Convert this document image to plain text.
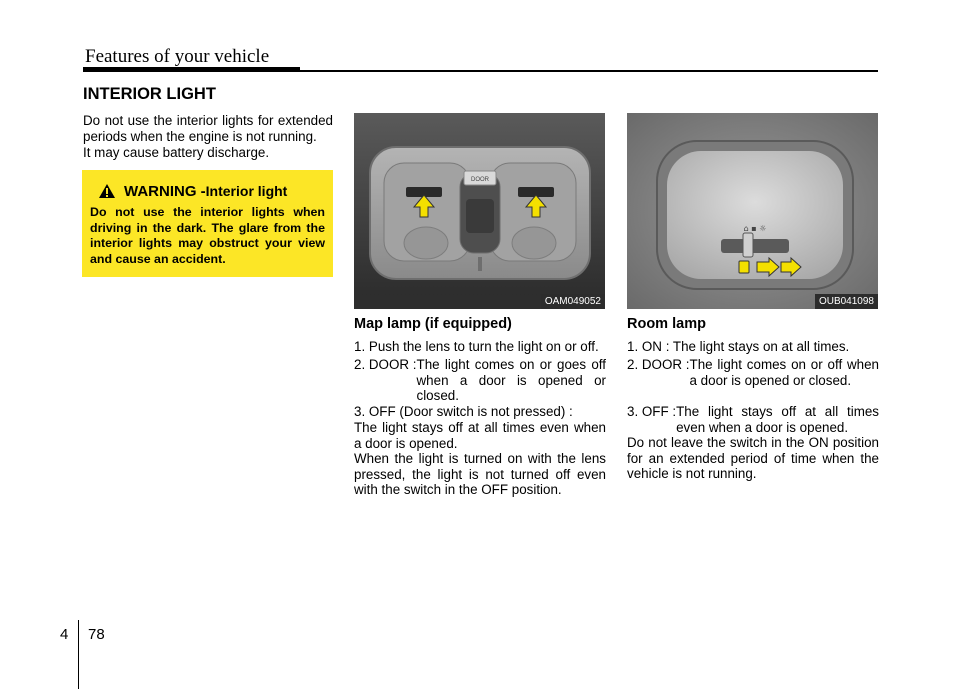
Features of your vehicle
INTERIOR LIGHT
Do not use the interior lights for extended periods when the engine is not running.
It may cause battery discharge.
WARNING - Interior light
Do not use the interior lights when driving in the dark. The glare from the interior lights may obstruct your view and cause an accident.
DOOR
OAM049052
⌂ ▪ ☼
OUB041098
Map lamp (if equipped)
1. Push the lens to turn the light on or off.
2. DOOR : The light comes on or goes off when a door is opened or closed.
3. OFF (Door switch is not pressed) :
The light stays off at all times even when a door is opened.
When the light is turned on with the lens pressed, the light is not turned off even with the switch in the OFF position.
Room lamp
1. ON : The light stays on at all times.
2. DOOR : The light comes on or off when a door is opened or closed.
3. OFF : The light stays off at all times even when a door is opened.
Do not leave the switch in the ON position for an extended period of time when the vehicle is not running.
4 78
